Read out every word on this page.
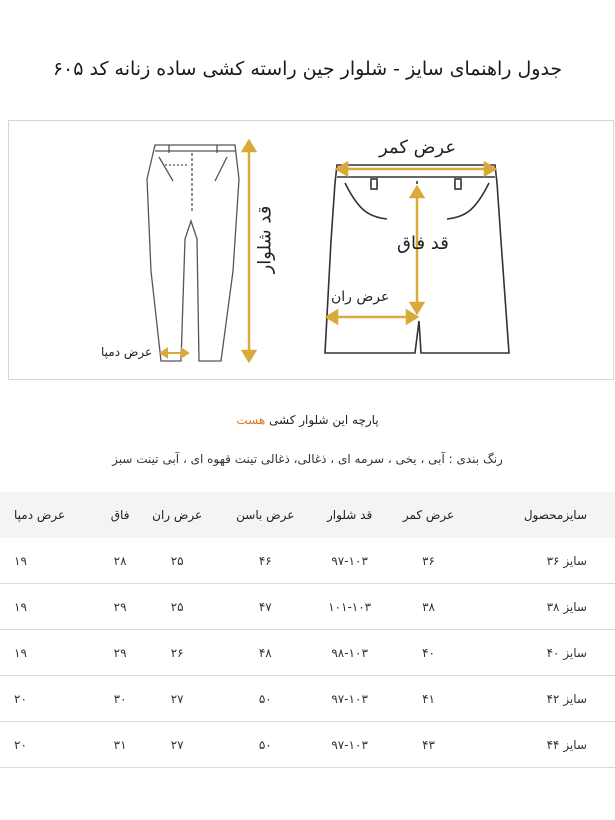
جدول راهنمای سایز - شلوار جین راسته کشی ساده زنانه کد ۶۰۵
عرض کمر
قد فاق
عرض ران
عرض دمپا
قد شلوار
پارچه این شلوار کشی هست
رنگ بندی : آبی ، یخی ، سرمه ای ، ذغالی، ذغالی تینت قهوه ای ، آبی تینت سبز
سایزمحصول	عرض کمر	قد شلوار	عرض باسن	عرض ران	فاق	عرض دمپا
سایز ۳۶	۳۶	۹۷-۱۰۳	۴۶	۲۵	۲۸	۱۹
سایز ۳۸	۳۸	۱۰۱-۱۰۳	۴۷	۲۵	۲۹	۱۹
سایز ۴۰	۴۰	۹۸-۱۰۳	۴۸	۲۶	۲۹	۱۹
سایز ۴۲	۴۱	۹۷-۱۰۳	۵۰	۲۷	۳۰	۲۰
سایز ۴۴	۴۳	۹۷-۱۰۳	۵۰	۲۷	۳۱	۲۰
